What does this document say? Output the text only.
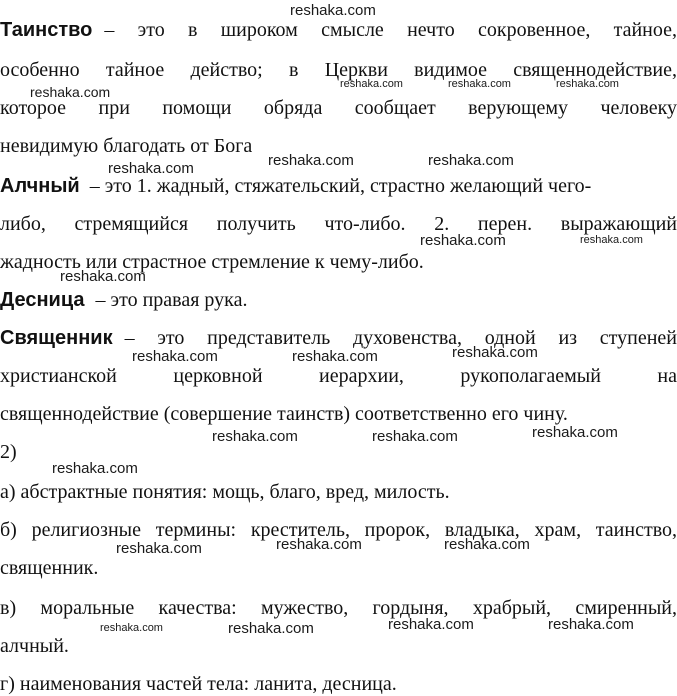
Таинство – это в широком смысле нечто сокровенное, тайное,
особенно тайное действо; в Церкви видимое священнодействие,
которое при помощи обряда сообщает верующему человеку
невидимую благодать от Бога
Алчный – это 1. жадный, стяжательский, страстно желающий чего-
либо, стремящийся получить что-либо. 2. перен. выражающий
жадность или страстное стремление к чему-либо.
Десница – это правая рука.
Священник – это представитель духовенства, одной из ступеней
христианской церковной иерархии, рукополагаемый на
священнодействие (совершение таинств) соответственно его чину.
2)
а) абстрактные понятия: мощь, благо, вред, милость.
б) религиозные термины: креститель, пророк, владыка, храм, таинство,
священник.
в) моральные качества: мужество, гордыня, храбрый, смиренный,
алчный.
г) наименования частей тела: ланита, десница.
reshaka.com
reshaka.com	reshaka.com	reshaka.com	reshaka.com
reshaka.com	reshaka.com	reshaka.com
reshaka.com	reshaka.com
reshaka.com
reshaka.com	reshaka.com	reshaka.com
reshaka.com	reshaka.com	reshaka.com
reshaka.com
reshaka.com	reshaka.com	reshaka.com
reshaka.com	reshaka.com	reshaka.com	reshaka.com
